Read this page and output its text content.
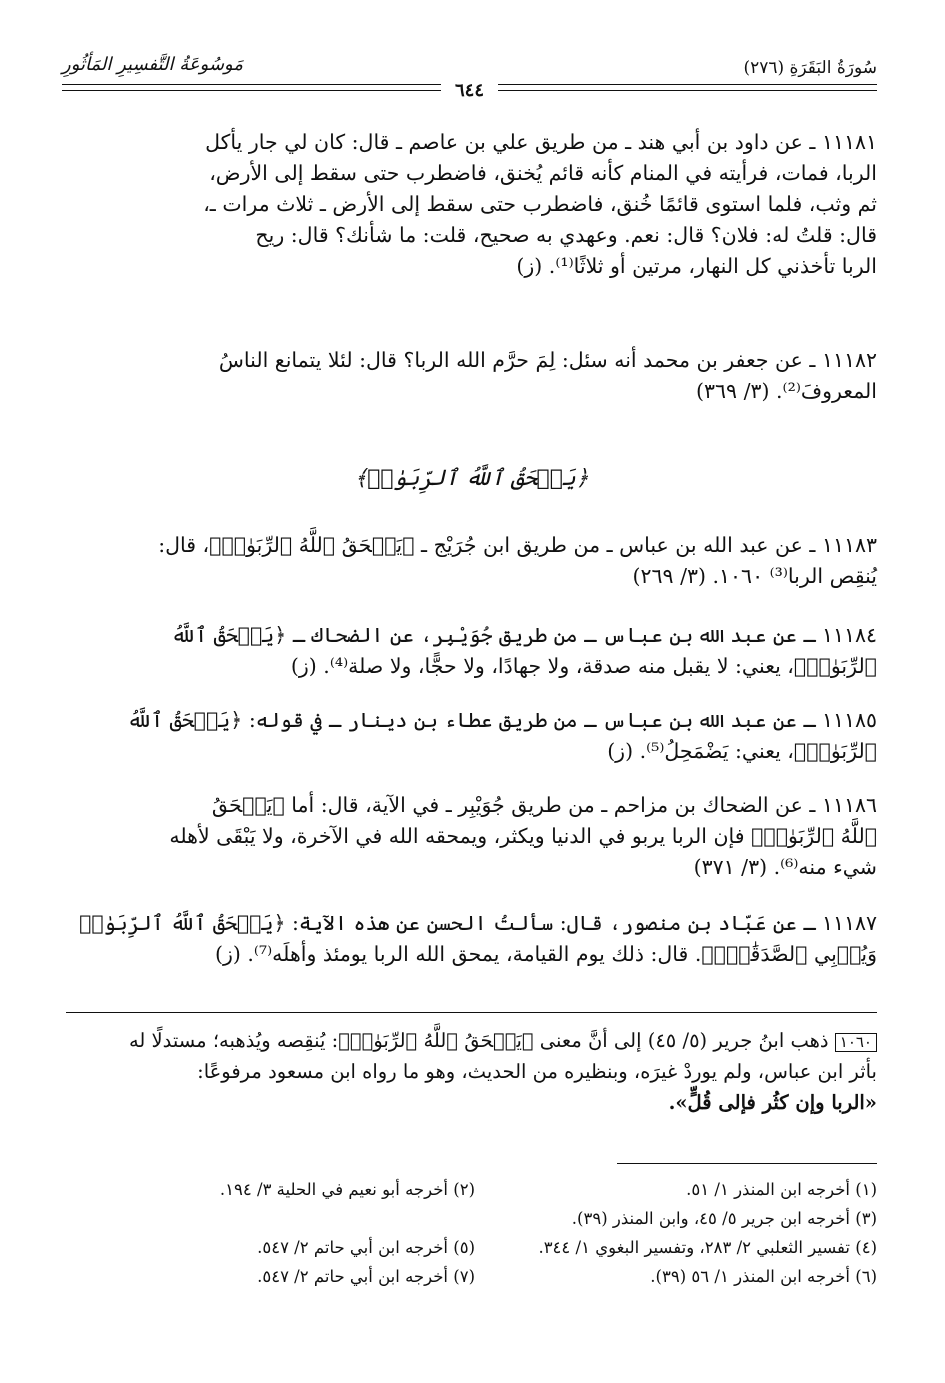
سُورَةُ البَقَرَةِ (٢٧٦)
مَوسُوعَةُ التَّفسِيرِ المَأثُورِ
٦٤٤
١١١٨١ ـ عن داود بن أبي هند ـ من طريق علي بن عاصم ـ قال: كان لي جار يأكل
الربا، فمات، فرأيته في المنام كأنه قائم يُخنق، فاضطرب حتى سقط إلى الأرض،
ثم وثب، فلما استوى قائمًا خُنق، فاضطرب حتى سقط إلى الأرض ـ ثلاث مرات ـ،
قال: قلتُ له: فلان؟ قال: نعم. وعهدي به صحيح، قلت: ما شأنك؟ قال: ريح
الربا تأخذني كل النهار، مرتين أو ثلاثًا⁽¹⁾. (ز)
١١١٨٢ ـ عن جعفر بن محمد أنه سئل: لِمَ حرَّم الله الربا؟ قال: لئلا يتمانع الناسُ
المعروفَ⁽²⁾. (٣/ ٣٦٩)
﴿يَمۡحَقُ ٱللَّهُ ٱلرِّبَوٰا۟﴾
١١١٨٣ ـ عن عبد الله بن عباس ـ من طريق ابن جُرَيْج ـ ﴿يَمۡحَقُ ٱللَّهُ ٱلرِّبَوٰا۟﴾، قال:
يُنقِص الربا⁽³⁾ ١٠٦٠. (٣/ ٢٦٩)
١١١٨٤ ـ عن عبد الله بن عباس ـ من طريق جُوَيْبِر، عن الضحاك ـ ﴿يَمۡحَقُ ٱللَّهُ
ٱلرِّبَوٰا۟﴾، يعني: لا يقبل منه صدقة، ولا جهادًا، ولا حجًّا، ولا صلة⁽⁴⁾. (ز)
١١١٨٥ ـ عن عبد الله بن عباس ـ من طريق عطاء بن دينار ـ في قوله: ﴿يَمۡحَقُ ٱللَّهُ
ٱلرِّبَوٰا۟﴾، يعني: يَضْمَحِلُ⁽⁵⁾. (ز)
١١١٨٦ ـ عن الضحاك بن مزاحم ـ من طريق جُوَيْبِر ـ في الآية، قال: أما ﴿يَمۡحَقُ
ٱللَّهُ ٱلرِّبَوٰا۟﴾ فإن الربا يربو في الدنيا ويكثر، ويمحقه الله في الآخرة، ولا يَبْقَى لأهله
شيء منه⁽⁶⁾. (٣/ ٣٧١)
١١١٨٧ ـ عن عَبّاد بن منصور، قال: سألتُ الحسن عن هذه الآية: ﴿يَمۡحَقُ ٱللَّهُ ٱلرِّبَوٰا۟
وَيُرۡبِي ٱلصَّدَقَٰتِۗ﴾. قال: ذلك يوم القيامة، يمحق الله الربا يومئذ وأهلَه⁽⁷⁾. (ز)
١٠٦٠ ذهب ابنُ جرير (٥/ ٤٥) إلى أنَّ معنى ﴿يَمۡحَقُ ٱللَّهُ ٱلرِّبَوٰا۟﴾: يُنقِصه ويُذهبه؛ مستدلًا له
بأثر ابن عباس، ولم يوردْ غيرَه، وبنظيره من الحديث، وهو ما رواه ابن مسعود مرفوعًا:
«الربا وإن كثُر فإلى قُلٍّ».
(١) أخرجه ابن المنذر ١/ ٥١.
(٢) أخرجه أبو نعيم في الحلية ٣/ ١٩٤.
(٣) أخرجه ابن جرير ٥/ ٤٥، وابن المنذر (٣٩).
(٤) تفسير الثعلبي ٢/ ٢٨٣، وتفسير البغوي ١/ ٣٤٤.
(٥) أخرجه ابن أبي حاتم ٢/ ٥٤٧.
(٦) أخرجه ابن المنذر ١/ ٥٦ (٣٩).
(٧) أخرجه ابن أبي حاتم ٢/ ٥٤٧.
